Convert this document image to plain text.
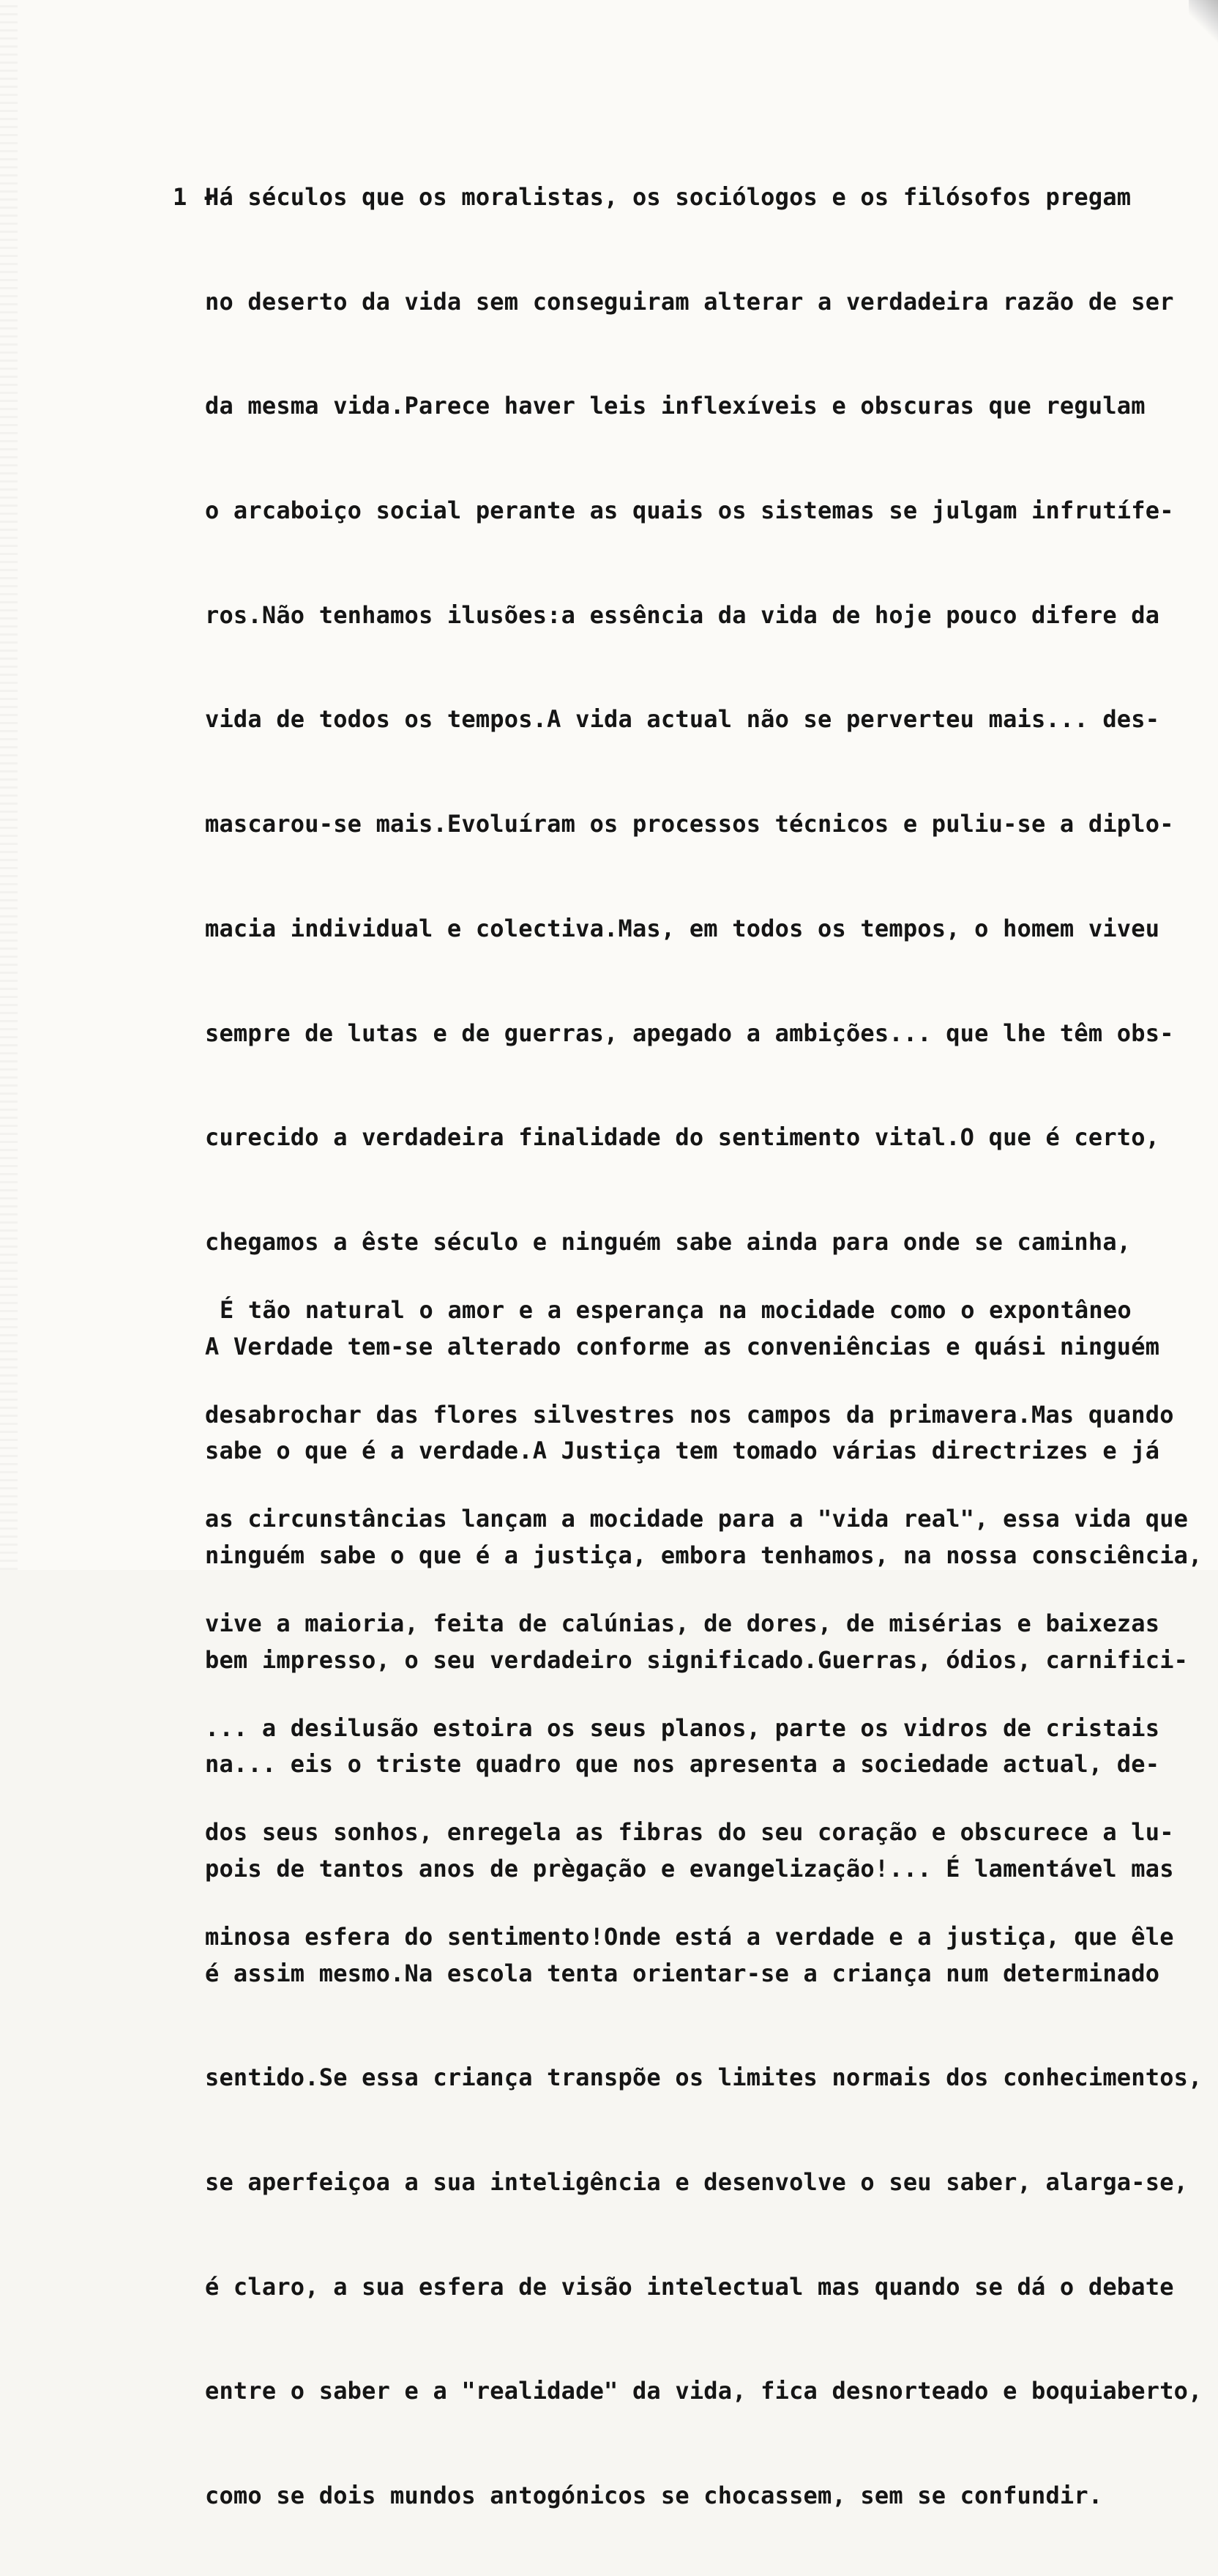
1 -Há séculos que os moralistas, os sociólogos e os filósofos pregam

no deserto da vida sem conseguiram alterar a verdadeira razão de ser

da mesma vida.Parece haver leis inflexíveis e obscuras que regulam

o arcaboiço social perante as quais os sistemas se julgam infrutífe-

ros.Não tenhamos ilusões:a essência da vida de hoje pouco difere da

vida de todos os tempos.A vida actual não se perverteu mais... des-

mascarou-se mais.Evoluíram os processos técnicos e puliu-se a diplo-

macia individual e colectiva.Mas, em todos os tempos, o homem viveu

sempre de lutas e de guerras, apegado a ambições... que lhe têm obs-

curecido a verdadeira finalidade do sentimento vital.O que é certo,

chegamos a êste século e ninguém sabe ainda para onde se caminha,

A Verdade tem-se alterado conforme as conveniências e quási ninguém

sabe o que é a verdade.A Justiça tem tomado várias directrizes e já

ninguém sabe o que é a justiça, embora tenhamos, na nossa consciência,

bem impresso, o seu verdadeiro significado.Guerras, ódios, carnifici-

na... eis o triste quadro que nos apresenta a sociedade actual, de-

pois de tantos anos de prègação e evangelização!... É lamentável mas

é assim mesmo.Na escola tenta orientar-se a criança num determinado

sentido.Se essa criança transpõe os limites normais dos conhecimentos,

se aperfeiçoa a sua inteligência e desenvolve o seu saber, alarga-se,

é claro, a sua esfera de visão intelectual mas quando se dá o debate

entre o saber e a "realidade" da vida, fica desnorteado e boquiaberto,

como se dois mundos antogónicos se chocassem, sem se confundir.

É tão natural o amor e a esperança na mocidade como o expontâneo

desabrochar das flores silvestres nos campos da primavera.Mas quando

as circunstâncias lançam a mocidade para a "vida real", essa vida que

vive a maioria, feita de calúnias, de dores, de misérias e baixezas

... a desilusão estoira os seus planos, parte os vidros de cristais

dos seus sonhos, enregela as fibras do seu coração e obscurece a lu-

minosa esfera do sentimento!Onde está a verdade e a justiça, que êle
